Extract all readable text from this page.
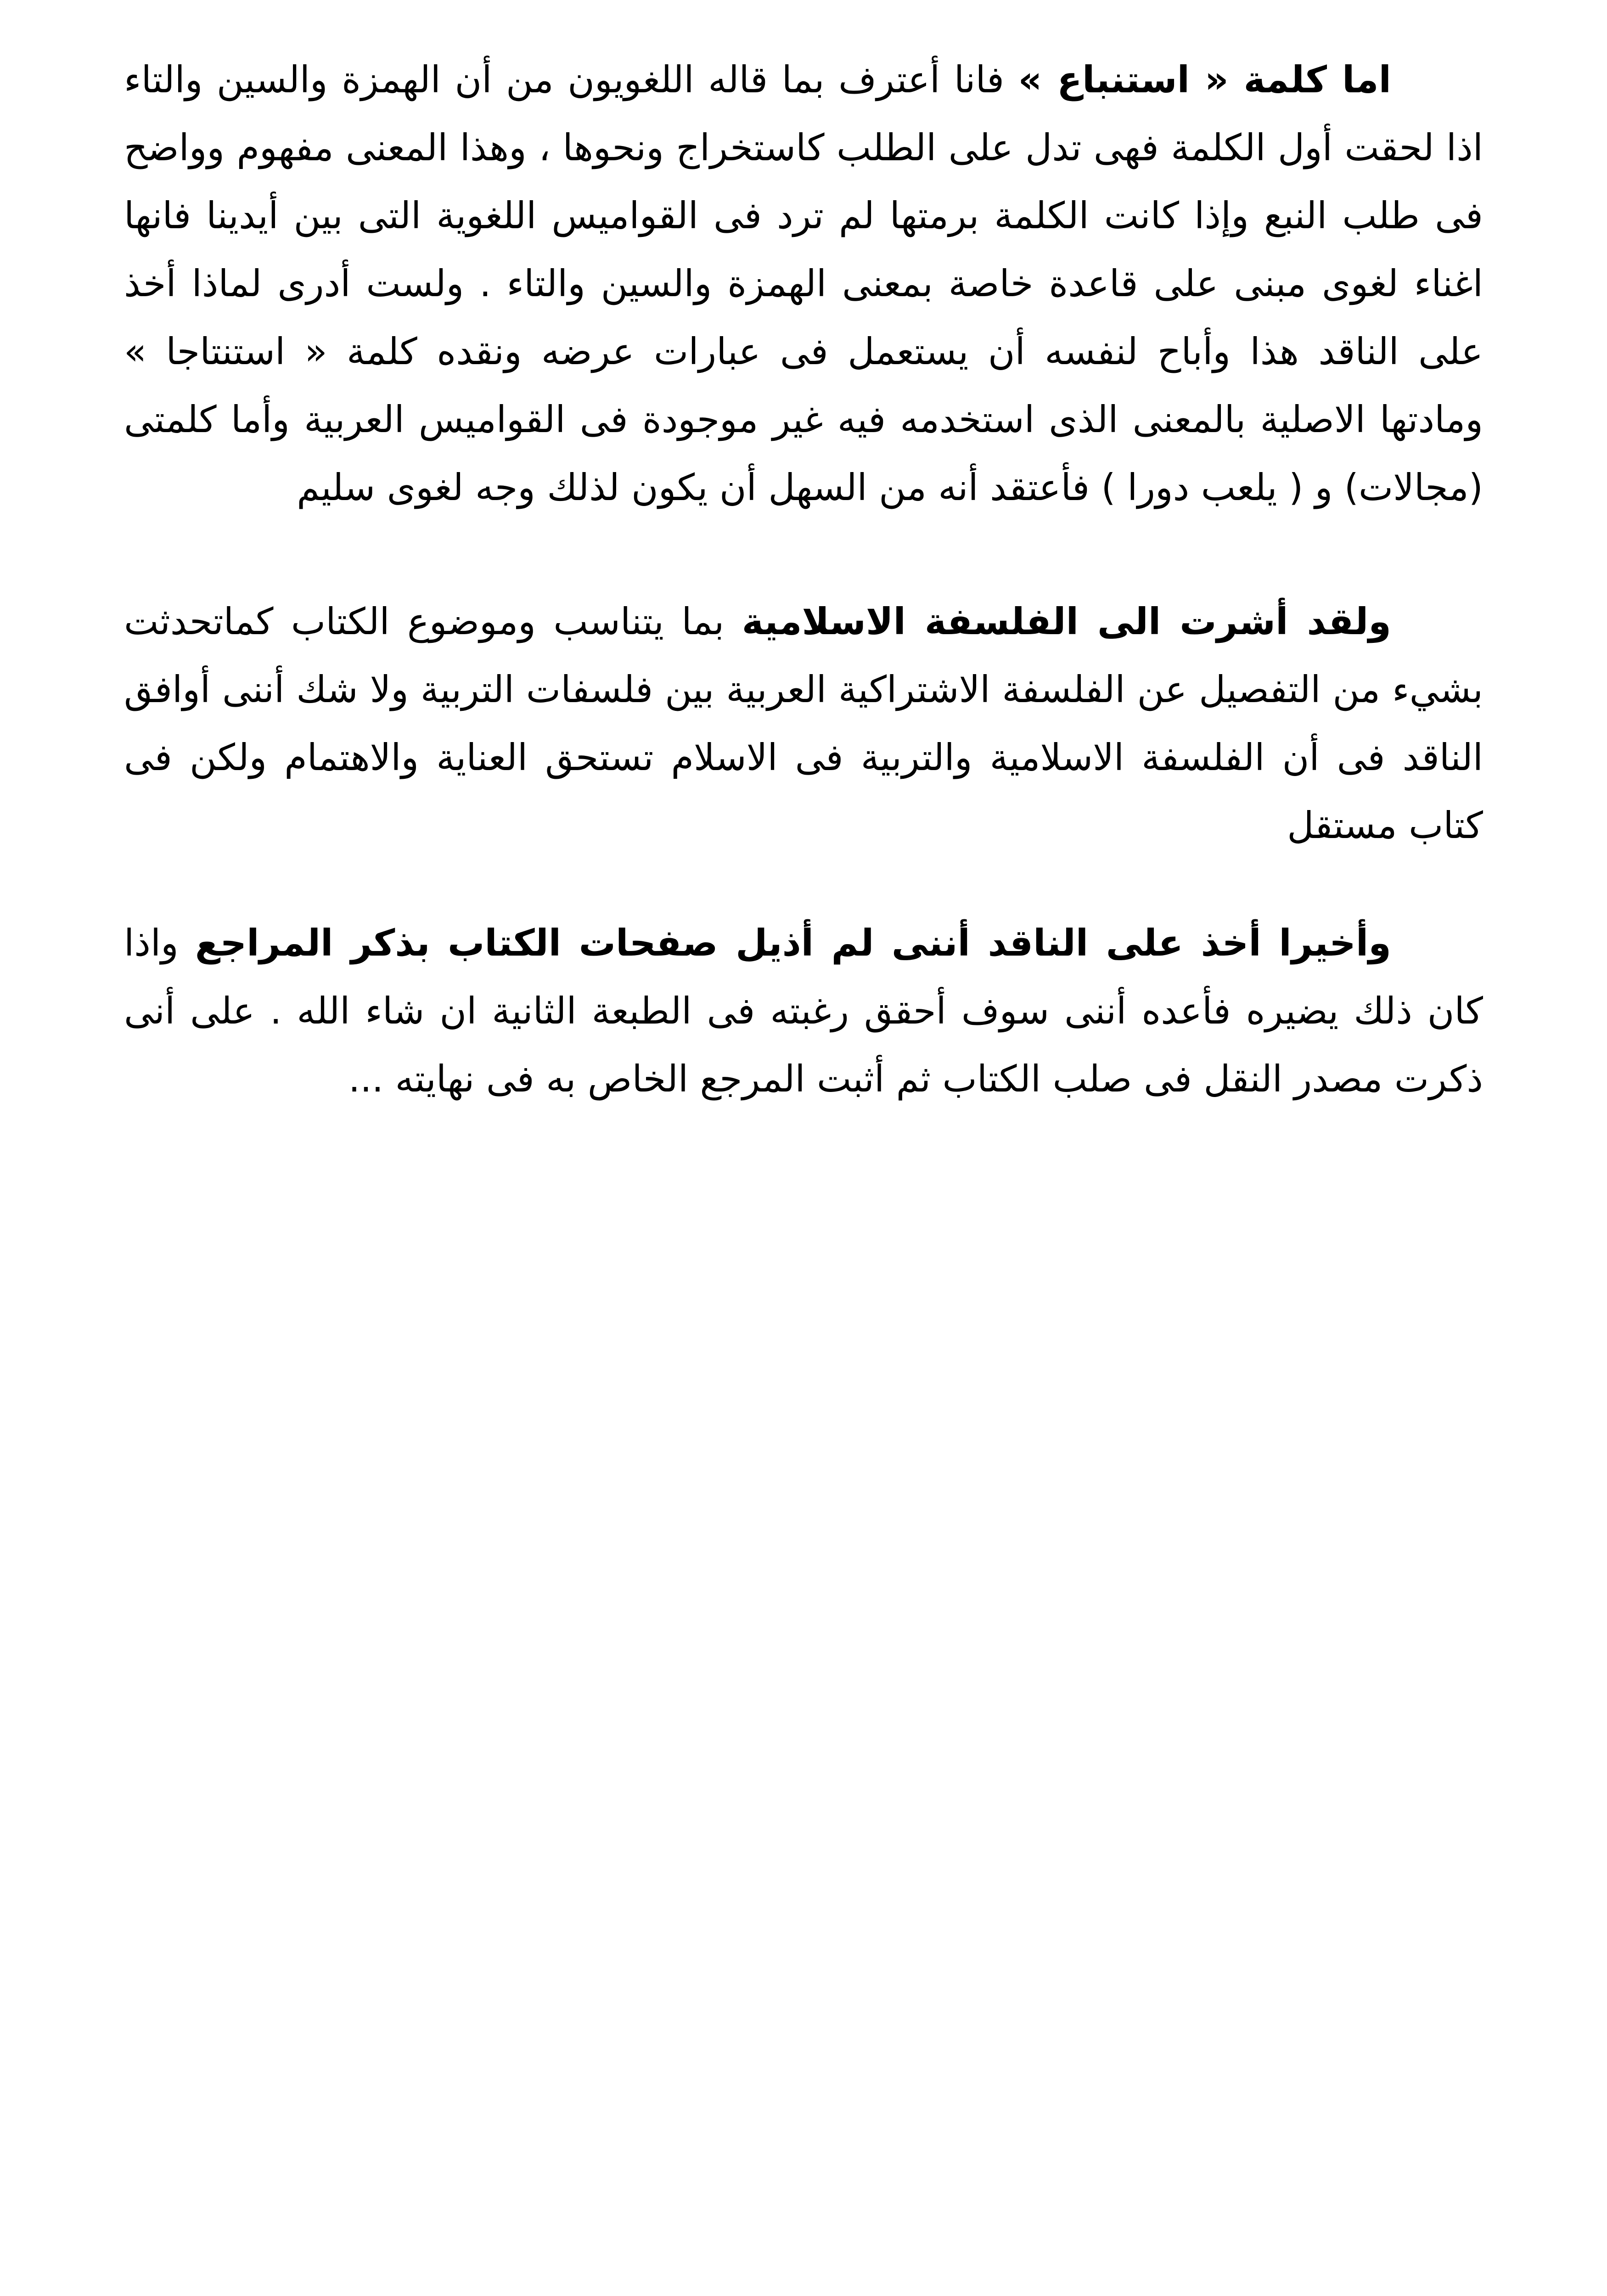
اما كلمة « استنباع » فانا أعترف بما قاله اللغويون من أن الهمزة والسين والتاء اذا لحقت أول الكلمة فهى تدل على الطلب كاستخراج ونحوها ، وهذا المعنى مفهوم وواضح فى طلب النبع وإذا كانت الكلمة برمتها لم ترد فى القواميس اللغوية التى بين أيدينا فانها اغناء لغوى مبنى على قاعدة خاصة بمعنى الهمزة والسين والتاء . ولست أدرى لماذا أخذ على الناقد هذا وأباح لنفسه أن يستعمل فى عبارات عرضه ونقده كلمة « استنتاجا » ومادتها الاصلية بالمعنى الذى استخدمه فيه غير موجودة فى القواميس العربية وأما كلمتى (مجالات) و ( يلعب دورا ) فأعتقد أنه من السهل أن يكون لذلك وجه لغوى سليم

ولقد أشرت الى الفلسفة الاسلامية بما يتناسب وموضوع الكتاب كماتحدثت بشيء من التفصيل عن الفلسفة الاشتراكية العربية بين فلسفات التربية ولا شك أننى أوافق الناقد فى أن الفلسفة الاسلامية والتربية فى الاسلام تستحق العناية والاهتمام ولكن فى كتاب مستقل

وأخيرا أخذ على الناقد أننى لم أذيل صفحات الكتاب بذكر المراجع واذا كان ذلك يضيره فأعده أننى سوف أحقق رغبته فى الطبعة الثانية ان شاء الله . على أنى ذكرت مصدر النقل فى صلب الكتاب ثم أثبت المرجع الخاص به فى نهايته ...
